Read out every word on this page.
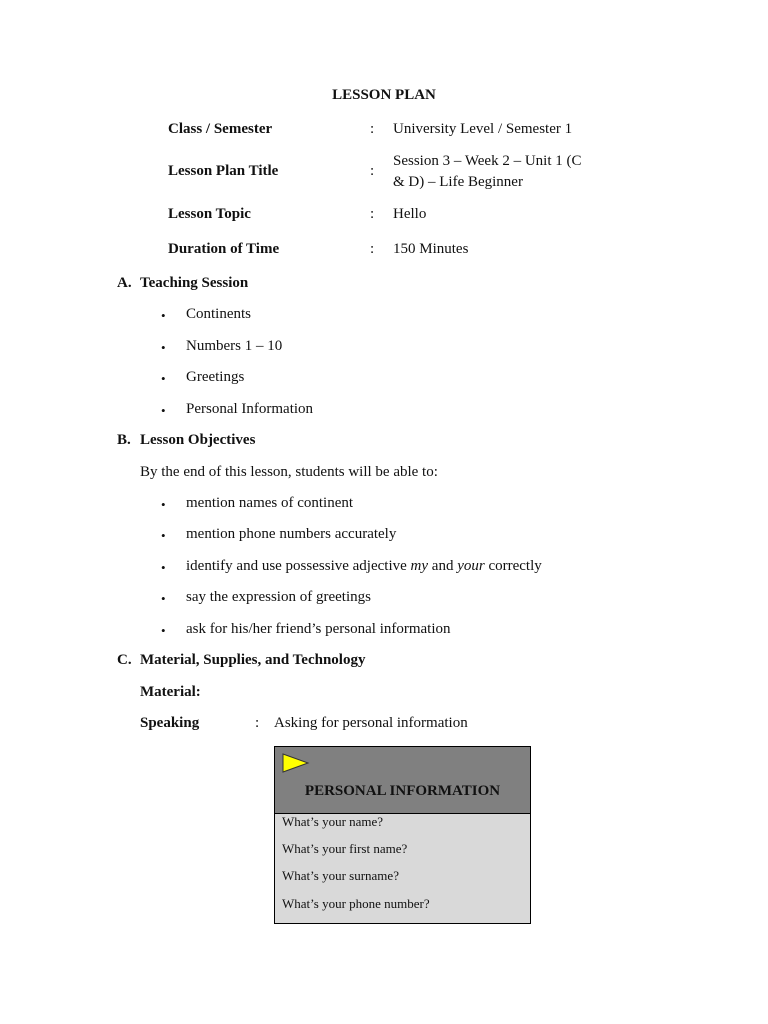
LESSON PLAN
Class / Semester	: University Level / Semester 1
Lesson Plan Title	:
Session 3 – Week 2 – Unit 1 (C
& D) – Life Beginner
Lesson Topic	: Hello
Duration of Time	: 150 Minutes
A. Teaching Session
• Continents
• Numbers 1 – 10
• Greetings
• Personal Information
B. Lesson Objectives
By the end of this lesson, students will be able to:
• mention names of continent
• mention phone numbers accurately
• identify and use possessive adjective my and your correctly
• say the expression of greetings
• ask for his/her friend’s personal information
C. Material, Supplies, and Technology
Material:
Speaking	: Asking for personal information
PERSONAL INFORMATION
What’s your name?
What’s your first name?
What’s your surname?
What’s your phone number?
